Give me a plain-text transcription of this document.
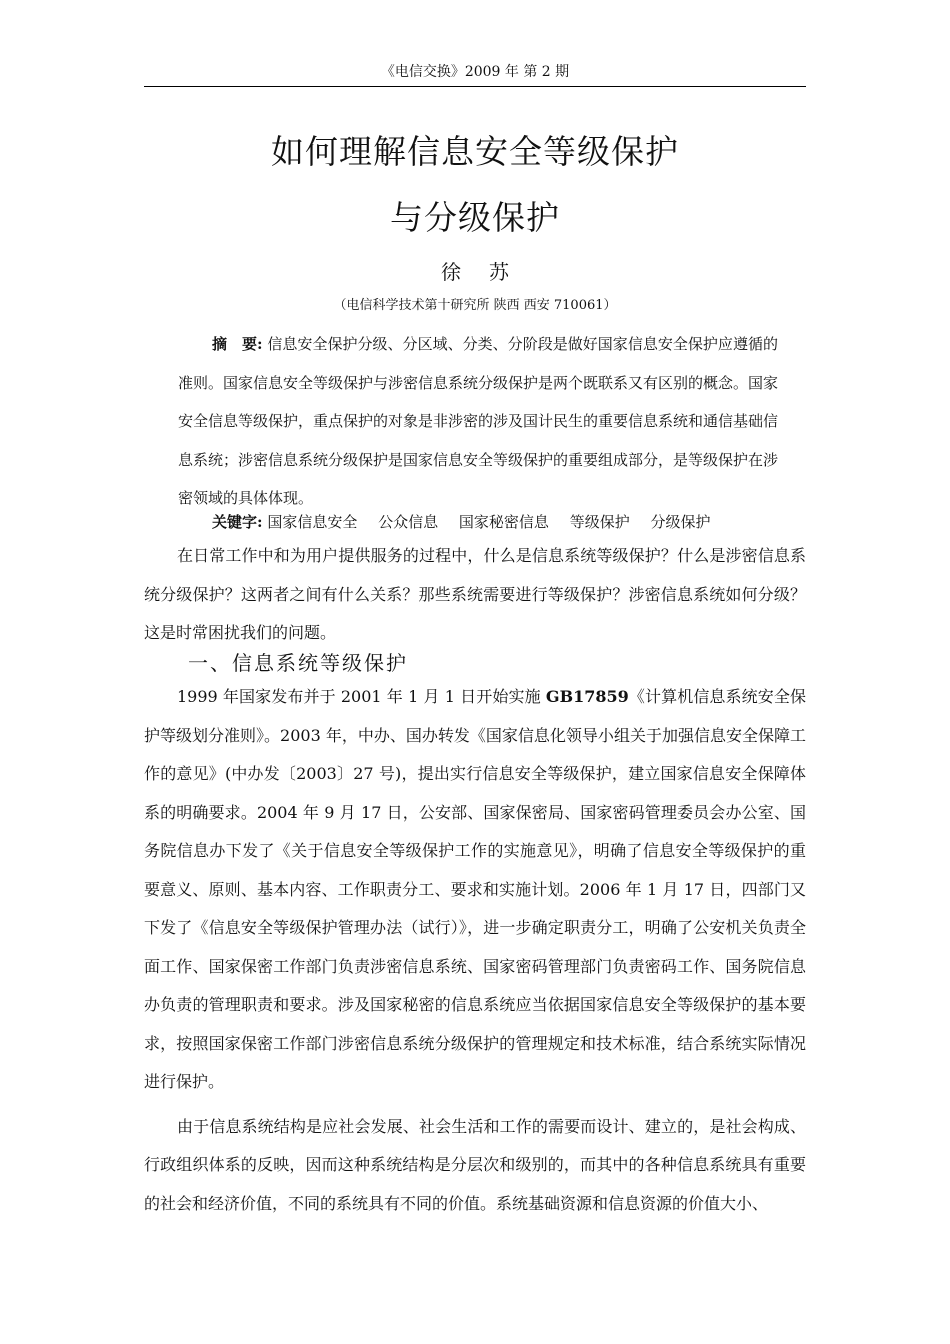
《电信交换》2009 年 第 2 期
如何理解信息安全等级保护
与分级保护
徐苏
（电信科学技术第十研究所 陕西 西安 710061）
摘　要: 信息安全保护分级、分区域、分类、分阶段是做好国家信息安全保护应遵循的准则。国家信息安全等级保护与涉密信息系统分级保护是两个既联系又有区别的概念。国家安全信息等级保护，重点保护的对象是非涉密的涉及国计民生的重要信息系统和通信基础信息系统；涉密信息系统分级保护是国家信息安全等级保护的重要组成部分，是等级保护在涉密领域的具体体现。
关键字: 国家信息安全 公众信息 国家秘密信息 等级保护 分级保护

在日常工作中和为用户提供服务的过程中，什么是信息系统等级保护？什么是涉密信息系统分级保护？这两者之间有什么关系？那些系统需要进行等级保护？涉密信息系统如何分级？这是时常困扰我们的问题。

一、信息系统等级保护

1999 年国家发布并于 2001 年 1 月 1 日开始实施 GB17859《计算机信息系统安全保护等级划分准则》。2003 年，中办、国办转发《国家信息化领导小组关于加强信息安全保障工作的意见》(中办发〔2003〕27 号)，提出实行信息安全等级保护，建立国家信息安全保障体系的明确要求。2004 年 9 月 17 日，公安部、国家保密局、国家密码管理委员会办公室、国务院信息办下发了《关于信息安全等级保护工作的实施意见》，明确了信息安全等级保护的重要意义、原则、基本内容、工作职责分工、要求和实施计划。2006 年 1 月 17 日，四部门又下发了《信息安全等级保护管理办法（试行）》，进一步确定职责分工，明确了公安机关负责全面工作、国家保密工作部门负责涉密信息系统、国家密码管理部门负责密码工作、国务院信息办负责的管理职责和要求。涉及国家秘密的信息系统应当依据国家信息安全等级保护的基本要求，按照国家保密工作部门涉密信息系统分级保护的管理规定和技术标准，结合系统实际情况进行保护。

由于信息系统结构是应社会发展、社会生活和工作的需要而设计、建立的，是社会构成、行政组织体系的反映，因而这种系统结构是分层次和级别的，而其中的各种信息系统具有重要的社会和经济价值，不同的系统具有不同的价值。系统基础资源和信息资源的价值大小、
